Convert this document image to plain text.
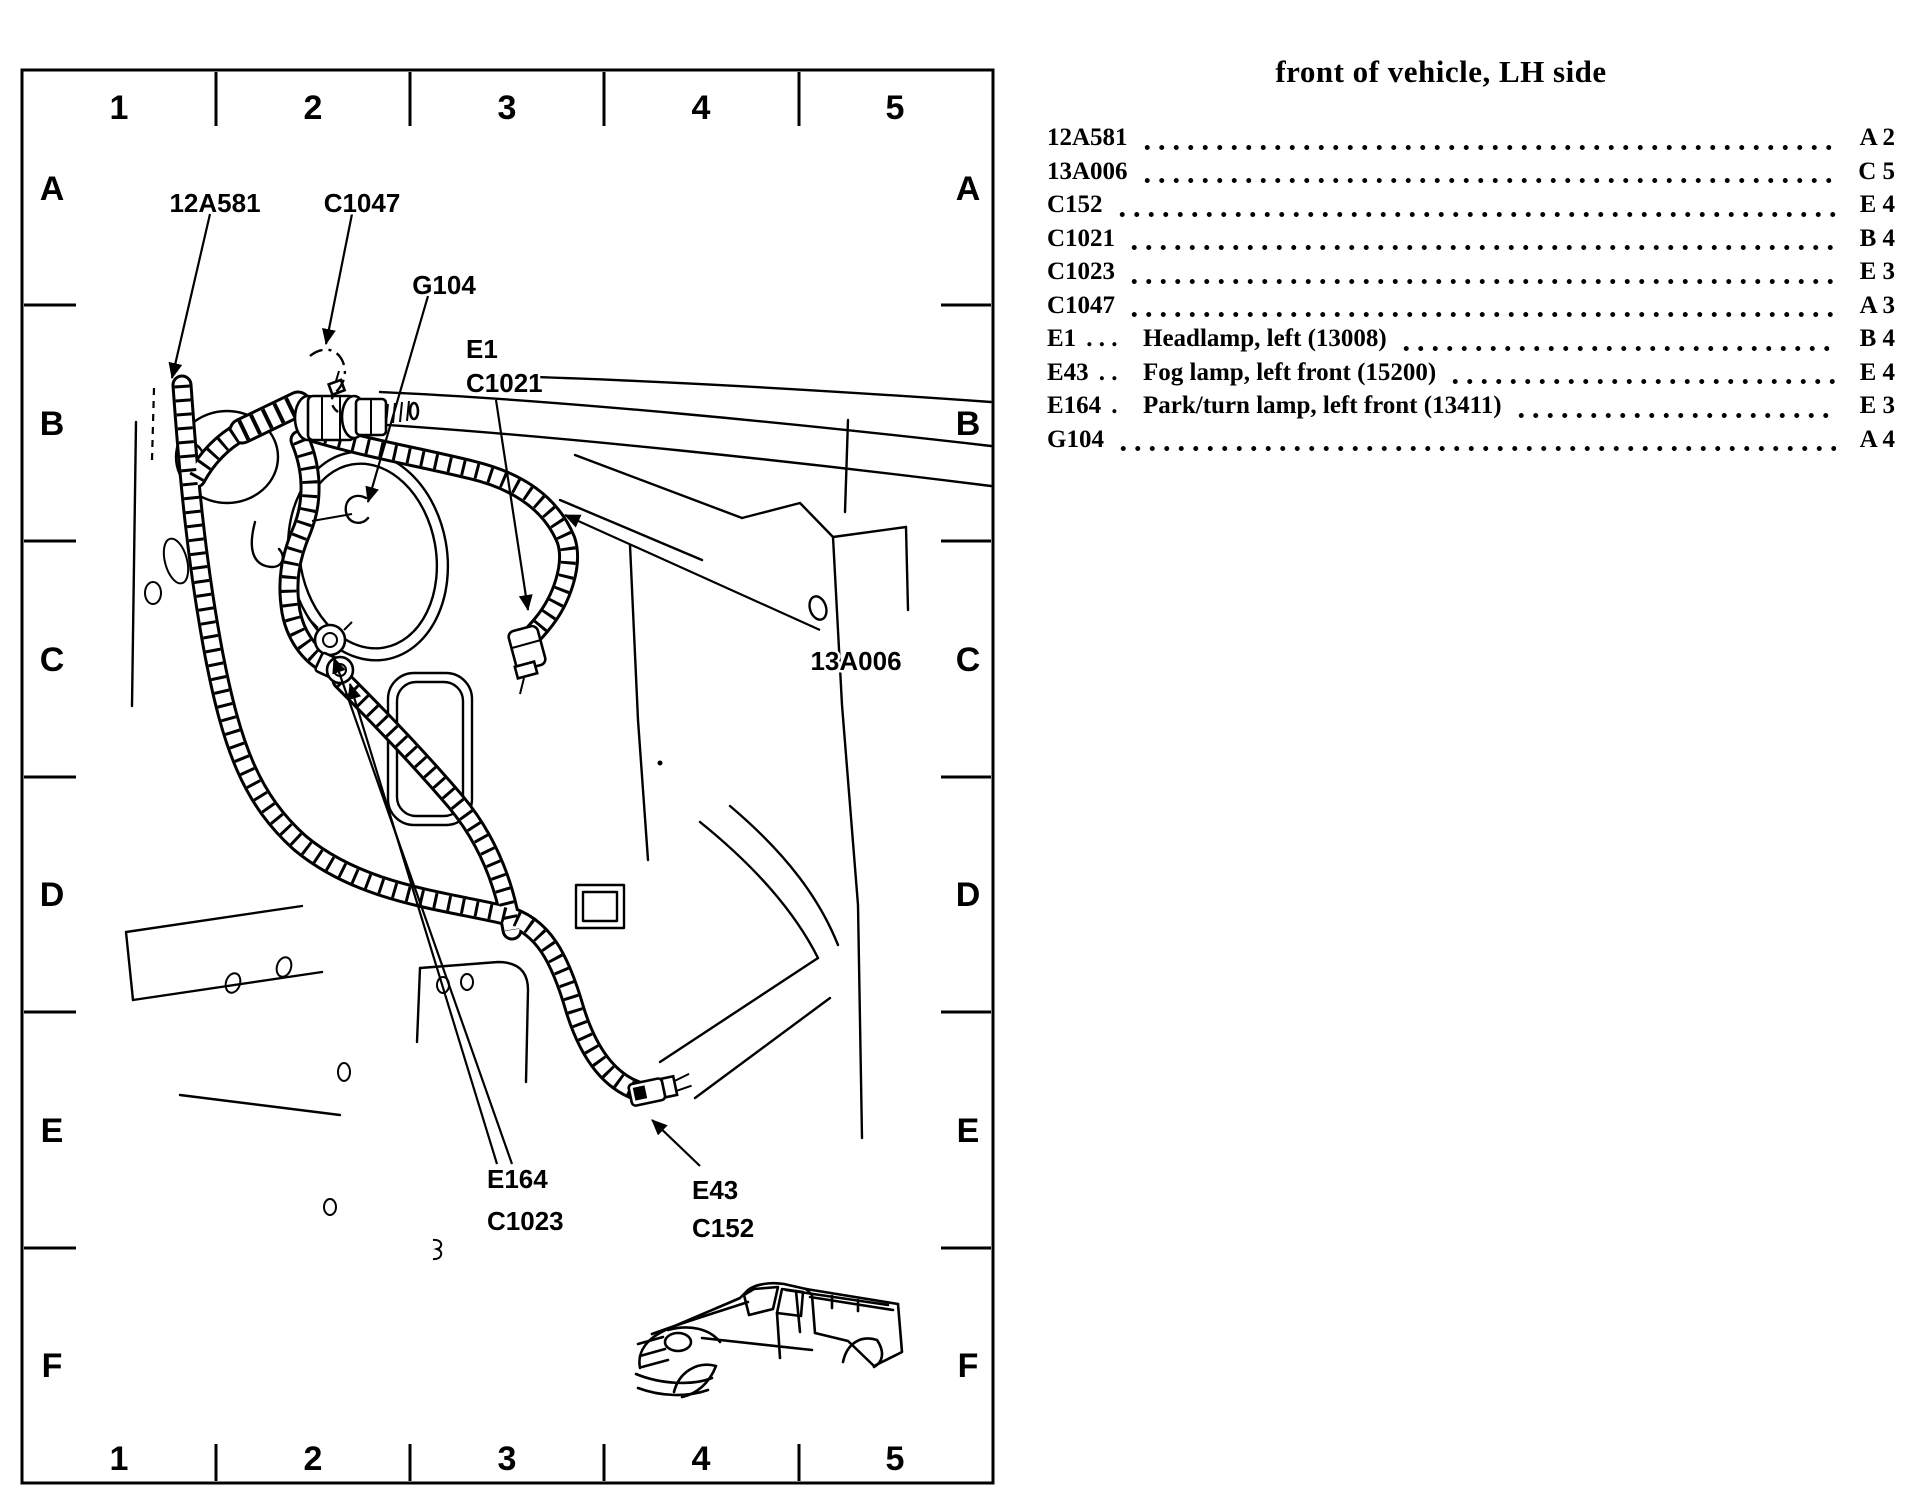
1	2	3	4	5
1	2	3	4	5
A
B
C
D
E
F
A
B
C
D
E
F
12A581 C1047
G104
E1
C1021
13A006
E164
C1023
E43
C152
front of vehicle, LH side
12A581	A 2
13A006	C 5
C152	E 4
C1021	B 4
C1023	E 3
C1047	A 3
E1 . . . Headlamp, left (13008)	B 4
E43 . . Fog lamp, left front (15200)	E 4
E164 . Park/turn lamp, left front (13411)	E 3
G104	A 4
